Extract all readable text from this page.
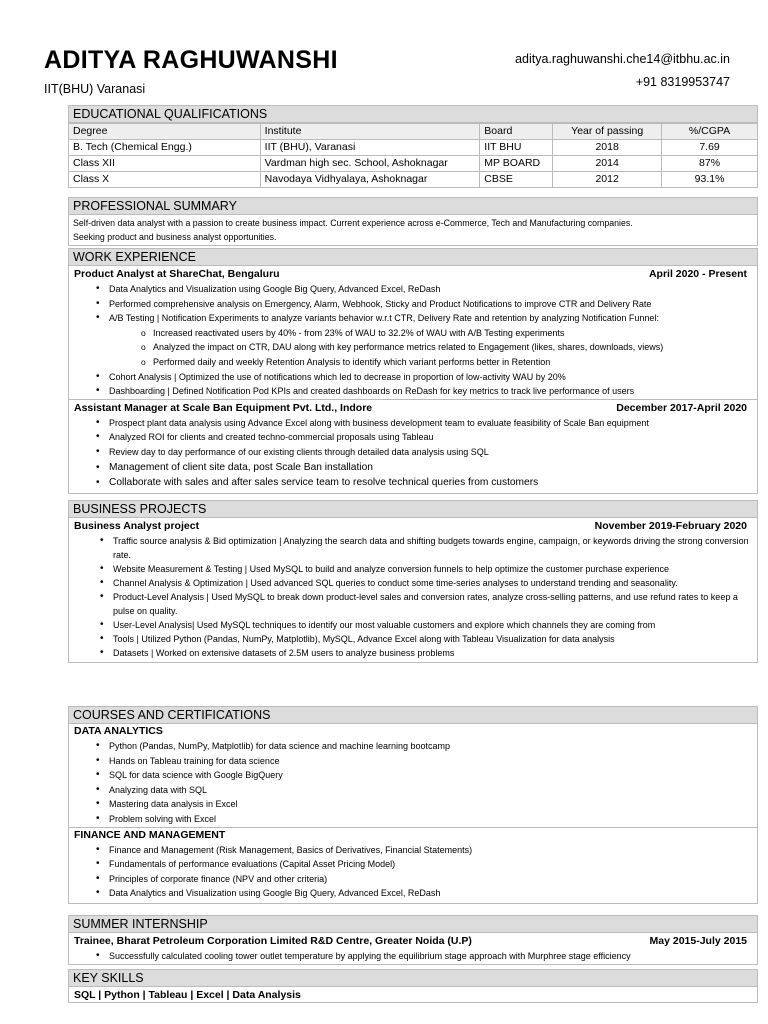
ADITYA RAGHUWANSHI
IIT(BHU) Varanasi
aditya.raghuwanshi.che14@itbhu.ac.in
+91 8319953747
EDUCATIONAL QUALIFICATIONS
Degree	Institute	Board	Year of passing	%/CGPA
B. Tech (Chemical Engg.)	IIT (BHU), Varanasi	IIT BHU	2018	7.69
Class XII	Vardman high sec. School, Ashoknagar	MP BOARD	2014	87%
Class X	Navodaya Vidhyalaya, Ashoknagar	CBSE	2012	93.1%
PROFESSIONAL SUMMARY
Self-driven data analyst with a passion to create business impact. Current experience across e-Commerce, Tech and Manufacturing companies.
Seeking product and business analyst opportunities.
WORK EXPERIENCE
Product Analyst at ShareChat, Bengaluru	April 2020 - Present
• Data Analytics and Visualization using Google Big Query, Advanced Excel, ReDash
• Performed comprehensive analysis on Emergency, Alarm, Webhook, Sticky and Product Notifications to improve CTR and Delivery Rate
• A/B Testing | Notification Experiments to analyze variants behavior w.r.t CTR, Delivery Rate and retention by analyzing Notification Funnel:
o Increased reactivated users by 40% - from 23% of WAU to 32.2% of WAU with A/B Testing experiments
o Analyzed the impact on CTR, DAU along with key performance metrics related to Engagement (likes, shares, downloads, views)
o Performed daily and weekly Retention Analysis to identify which variant performs better in Retention
• Cohort Analysis | Optimized the use of notifications which led to decrease in proportion of low-activity WAU by 20%
• Dashboarding | Defined Notification Pod KPIs and created dashboards on ReDash for key metrics to track live performance of users
Assistant Manager at Scale Ban Equipment Pvt. Ltd., Indore	December 2017-April 2020
• Prospect plant data analysis using Advance Excel along with business development team to evaluate feasibility of Scale Ban equipment
• Analyzed ROI for clients and created techno-commercial proposals using Tableau
• Review day to day performance of our existing clients through detailed data analysis using SQL
• Management of client site data, post Scale Ban installation
• Collaborate with sales and after sales service team to resolve technical queries from customers
BUSINESS PROJECTS
Business Analyst project	November 2019-February 2020
• Traffic source analysis & Bid optimization | Analyzing the search data and shifting budgets towards engine, campaign, or keywords driving the strong conversion rate.
• Website Measurement & Testing | Used MySQL to build and analyze conversion funnels to help optimize the customer purchase experience
• Channel Analysis & Optimization | Used advanced SQL queries to conduct some time-series analyses to understand trending and seasonality.
• Product-Level Analysis | Used MySQL to break down product-level sales and conversion rates, analyze cross-selling patterns, and use refund rates to keep a pulse on quality.
• User-Level Analysis| Used MySQL techniques to identify our most valuable customers and explore which channels they are coming from
• Tools | Utilized Python (Pandas, NumPy, Matplotlib), MySQL, Advance Excel along with Tableau Visualization for data analysis
• Datasets | Worked on extensive datasets of 2.5M users to analyze business problems
COURSES AND CERTIFICATIONS
DATA ANALYTICS
• Python (Pandas, NumPy, Matplotlib) for data science and machine learning bootcamp
• Hands on Tableau training for data science
• SQL for data science with Google BigQuery
• Analyzing data with SQL
• Mastering data analysis in Excel
• Problem solving with Excel
FINANCE AND MANAGEMENT
• Finance and Management (Risk Management, Basics of Derivatives, Financial Statements)
• Fundamentals of performance evaluations (Capital Asset Pricing Model)
• Principles of corporate finance (NPV and other criteria)
• Data Analytics and Visualization using Google Big Query, Advanced Excel, ReDash
SUMMER INTERNSHIP
Trainee, Bharat Petroleum Corporation Limited R&D Centre, Greater Noida (U.P)	May 2015-July 2015
• Successfully calculated cooling tower outlet temperature by applying the equilibrium stage approach with Murphree stage efficiency
KEY SKILLS
SQL | Python | Tableau | Excel | Data Analysis
